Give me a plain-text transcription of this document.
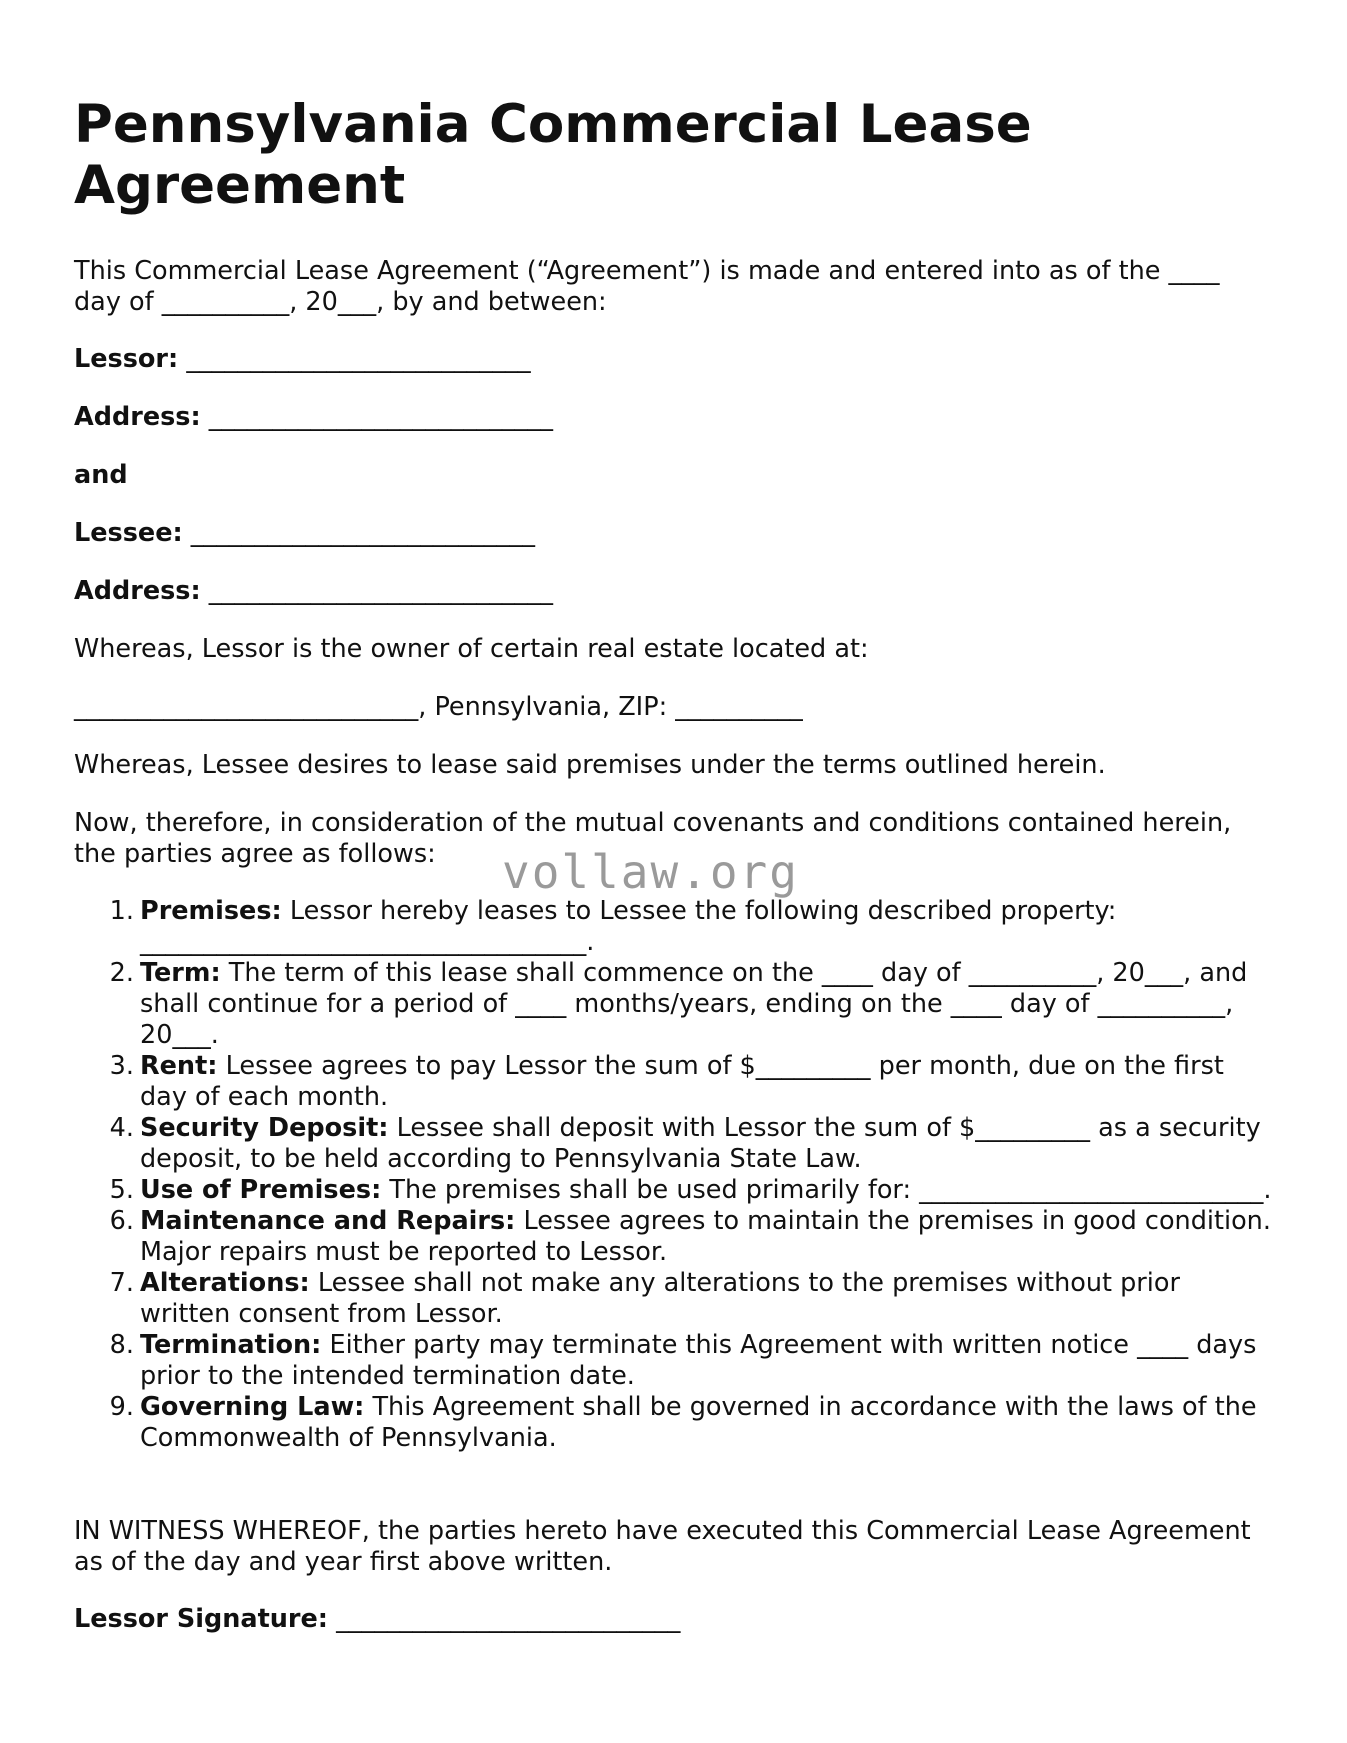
Pennsylvania Commercial Lease Agreement

This Commercial Lease Agreement (“Agreement”) is made and entered into as of the ____ day of __________, 20___, by and between:

Lessor: ___________________________

Address: ___________________________

and

Lessee: ___________________________

Address: ___________________________

Whereas, Lessor is the owner of certain real estate located at:

___________________________, Pennsylvania, ZIP: __________

Whereas, Lessee desires to lease said premises under the terms outlined herein.

Now, therefore, in consideration of the mutual covenants and conditions contained herein, the parties agree as follows:

1. Premises: Lessor hereby leases to Lessee the following described property: ___________________________________.
2. Term: The term of this lease shall commence on the ____ day of __________, 20___, and shall continue for a period of ____ months/years, ending on the ____ day of __________, 20___.
3. Rent: Lessee agrees to pay Lessor the sum of $_________ per month, due on the first day of each month.
4. Security Deposit: Lessee shall deposit with Lessor the sum of $_________ as a security deposit, to be held according to Pennsylvania State Law.
5. Use of Premises: The premises shall be used primarily for: ___________________________.
6. Maintenance and Repairs: Lessee agrees to maintain the premises in good condition. Major repairs must be reported to Lessor.
7. Alterations: Lessee shall not make any alterations to the premises without prior written consent from Lessor.
8. Termination: Either party may terminate this Agreement with written notice ____ days prior to the intended termination date.
9. Governing Law: This Agreement shall be governed in accordance with the laws of the Commonwealth of Pennsylvania.

IN WITNESS WHEREOF, the parties hereto have executed this Commercial Lease Agreement as of the day and year first above written.

Lessor Signature: ___________________________

vollaw.org
